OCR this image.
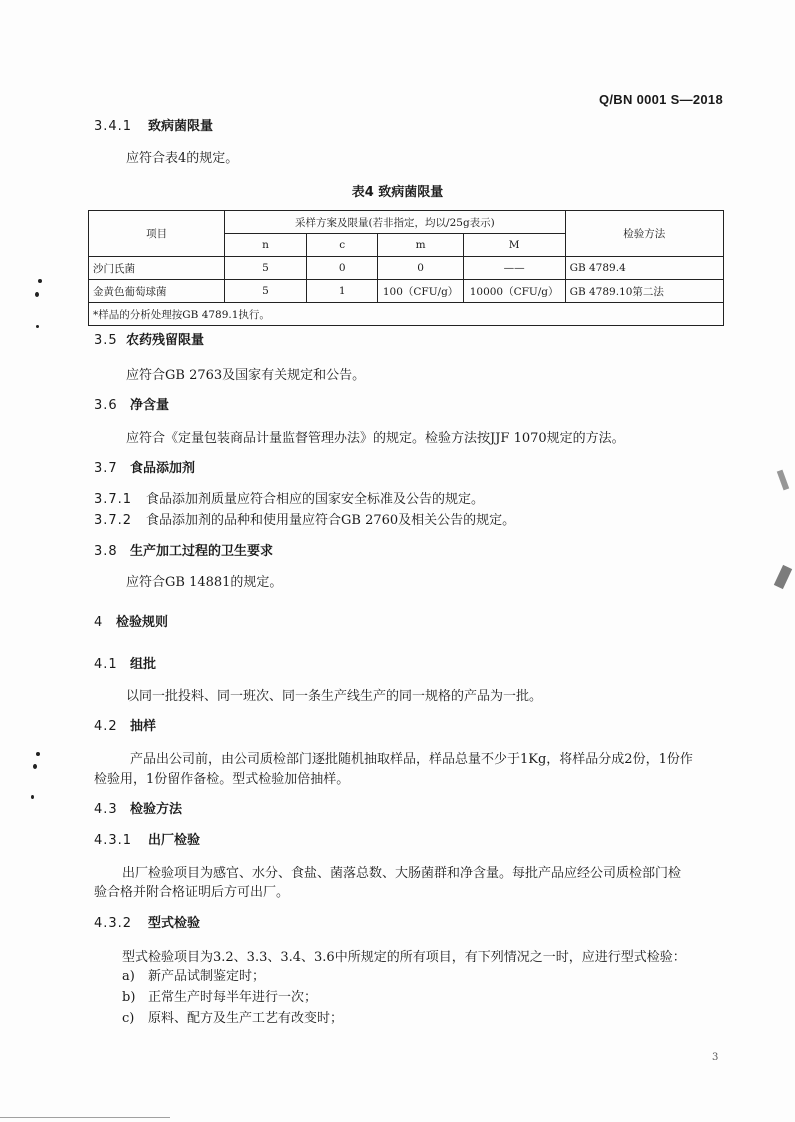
Q/BN 0001 S—2018
3.4.1 致病菌限量
应符合表4的规定。
表4 致病菌限量
项目	采样方案及限量(若非指定，均以/25g表示)				检验方法
	n	c	m	M	
沙门氏菌	5	0	0	——	GB 4789.4
金黄色葡萄球菌	5	1	100（CFU/g）	10000（CFU/g）	GB 4789.10第二法
*样品的分析处理按GB 4789.1执行。					
3.5 农药残留限量
应符合GB 2763及国家有关规定和公告。
3.6 净含量
应符合《定量包装商品计量监督管理办法》的规定。检验方法按JJF 1070规定的方法。
3.7 食品添加剂
3.7.1 食品添加剂质量应符合相应的国家安全标准及公告的规定。
3.7.2 食品添加剂的品种和使用量应符合GB 2760及相关公告的规定。
3.8 生产加工过程的卫生要求
应符合GB 14881的规定。
4 检验规则
4.1 组批
以同一批投料、同一班次、同一条生产线生产的同一规格的产品为一批。
4.2 抽样
产品出公司前，由公司质检部门逐批随机抽取样品，样品总量不少于1Kg，将样品分成2份，1份作
检验用，1份留作备检。型式检验加倍抽样。
4.3 检验方法
4.3.1 出厂检验
出厂检验项目为感官、水分、食盐、菌落总数、大肠菌群和净含量。每批产品应经公司质检部门检
验合格并附合格证明后方可出厂。
4.3.2 型式检验
型式检验项目为3.2、3.3、3.4、3.6中所规定的所有项目，有下列情况之一时，应进行型式检验：
a) 新产品试制鉴定时；
b) 正常生产时每半年进行一次；
c) 原料、配方及生产工艺有改变时；
3
